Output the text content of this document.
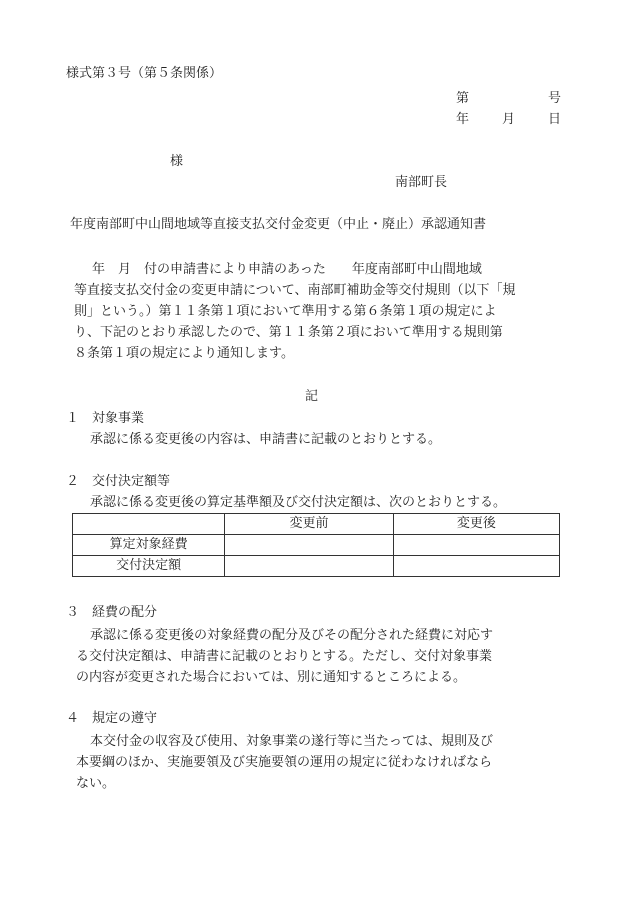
様式第３号（第５条関係）
第	号
年	月	日
様
南部町長
年度南部町中山間地域等直接支払交付金変更（中止・廃止）承認通知書
年　月　付の申請書により申請のあった　　年度南部町中山間地域
等直接支払交付金の変更申請について、南部町補助金等交付規則（以下「規
則」という。）第１１条第１項において準用する第６条第１項の規定によ
り、下記のとおり承認したので、第１１条第２項において準用する規則第
８条第１項の規定により通知します。
記
１　対象事業
承認に係る変更後の内容は、申請書に記載のとおりとする。
２　交付決定額等
承認に係る変更後の算定基準額及び交付決定額は、次のとおりとする。
	変更前	変更後
算定対象経費		
交付決定額		
３　経費の配分
承認に係る変更後の対象経費の配分及びその配分された経費に対応す
る交付決定額は、申請書に記載のとおりとする。ただし、交付対象事業
の内容が変更された場合においては、別に通知するところによる。
４　規定の遵守
本交付金の収容及び使用、対象事業の遂行等に当たっては、規則及び
本要綱のほか、実施要領及び実施要領の運用の規定に従わなければなら
ない。
